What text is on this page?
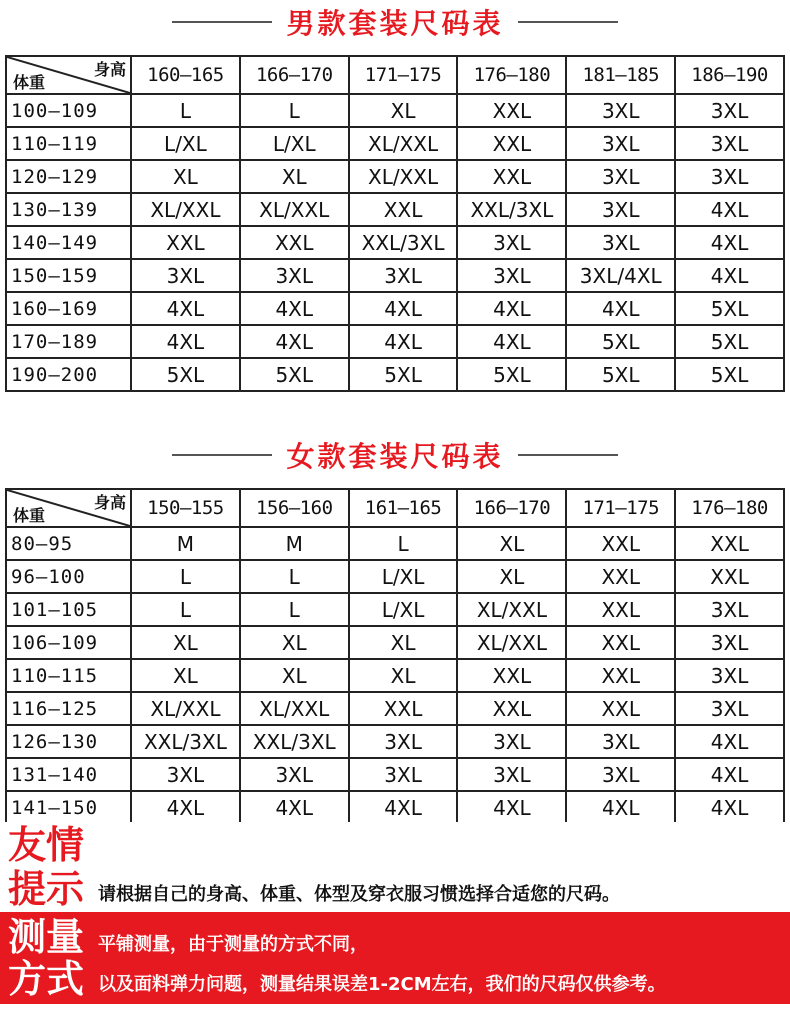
男款套装尺码表
身高
体重	160—165	166—170	171—175	176—180	181—185	186—190
100—109	L	L	XL	XXL	3XL	3XL
110—119	L/XL	L/XL	XL/XXL	XXL	3XL	3XL
120—129	XL	XL	XL/XXL	XXL	3XL	3XL
130—139	XL/XXL	XL/XXL	XXL	XXL/3XL	3XL	4XL
140—149	XXL	XXL	XXL/3XL	3XL	3XL	4XL
150—159	3XL	3XL	3XL	3XL	3XL/4XL	4XL
160—169	4XL	4XL	4XL	4XL	4XL	5XL
170—189	4XL	4XL	4XL	4XL	5XL	5XL
190—200	5XL	5XL	5XL	5XL	5XL	5XL
女款套装尺码表
身高
体重	150—155	156—160	161—165	166—170	171—175	176—180
80—95	M	M	L	XL	XXL	XXL
96—100	L	L	L/XL	XL	XXL	XXL
101—105	L	L	L/XL	XL/XXL	XXL	3XL
106—109	XL	XL	XL	XL/XXL	XXL	3XL
110—115	XL	XL	XL	XXL	XXL	3XL
116—125	XL/XXL	XL/XXL	XXL	XXL	XXL	3XL
126—130	XXL/3XL	XXL/3XL	3XL	3XL	3XL	4XL
131—140	3XL	3XL	3XL	3XL	3XL	4XL
141—150	4XL	4XL	4XL	4XL	4XL	4XL
友情
提示 请根据自己的身高、体重、体型及穿衣服习惯选择合适您的尺码。
测量
方式
平铺测量，由于测量的方式不同，
以及面料弹力问题，测量结果误差1-2CM左右，我们的尺码仅供参考。
